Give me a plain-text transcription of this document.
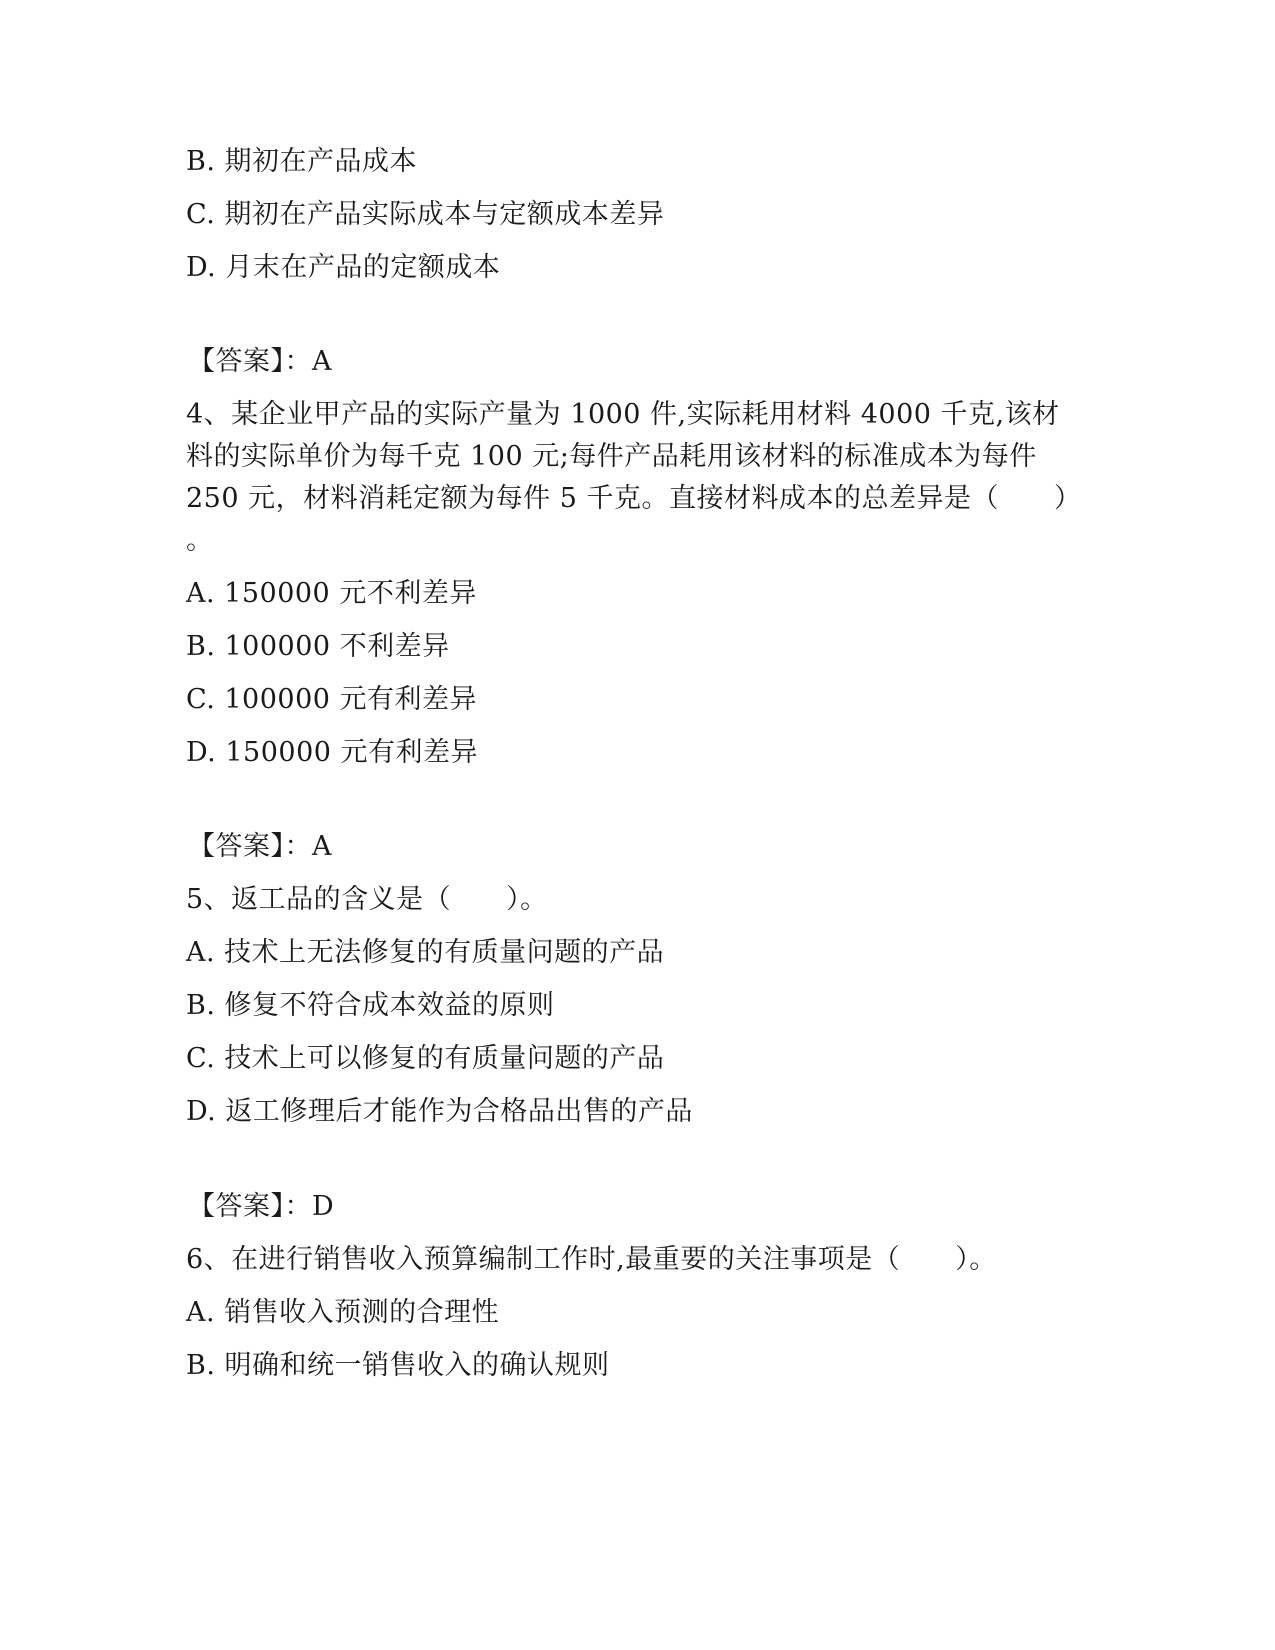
B. 期初在产品成本
C. 期初在产品实际成本与定额成本差异
D. 月末在产品的定额成本
【答案】：A
4、某企业甲产品的实际产量为 1000 件,实际耗用材料 4000 千克,该材
料的实际单价为每千克 100 元;每件产品耗用该材料的标准成本为每件
250 元，材料消耗定额为每件 5 千克。直接材料成本的总差异是（　　）
。
A. 150000 元不利差异
B. 100000 不利差异
C. 100000 元有利差异
D. 150000 元有利差异
【答案】：A
5、返工品的含义是（　　）。
A. 技术上无法修复的有质量问题的产品
B. 修复不符合成本效益的原则
C. 技术上可以修复的有质量问题的产品
D. 返工修理后才能作为合格品出售的产品
【答案】：D
6、在进行销售收入预算编制工作时,最重要的关注事项是（　　）。
A. 销售收入预测的合理性
B. 明确和统一销售收入的确认规则
